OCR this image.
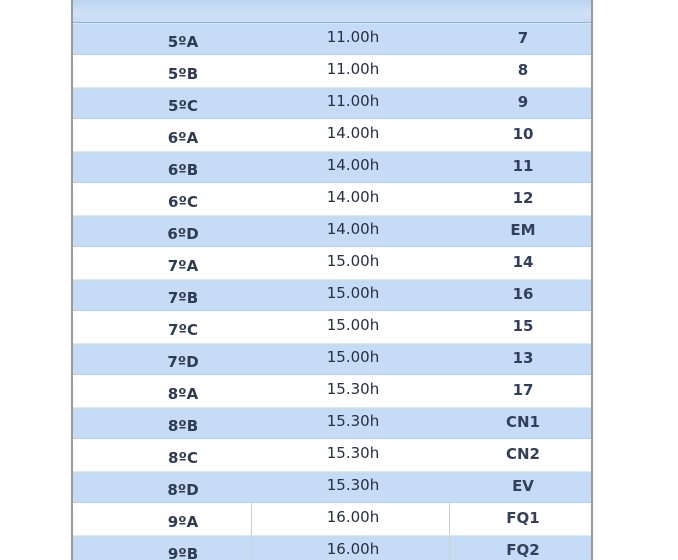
5ºA	11.00h	7
5ºB	11.00h	8
5ºC	11.00h	9
6ºA	14.00h	10
6ºB	14.00h	11
6ºC	14.00h	12
6ºD	14.00h	EM
7ºA	15.00h	14
7ºB	15.00h	16
7ºC	15.00h	15
7ºD	15.00h	13
8ºA	15.30h	17
8ºB	15.30h	CN1
8ºC	15.30h	CN2
8ºD	15.30h	EV
9ºA	16.00h	FQ1
9ºB	16.00h	FQ2
